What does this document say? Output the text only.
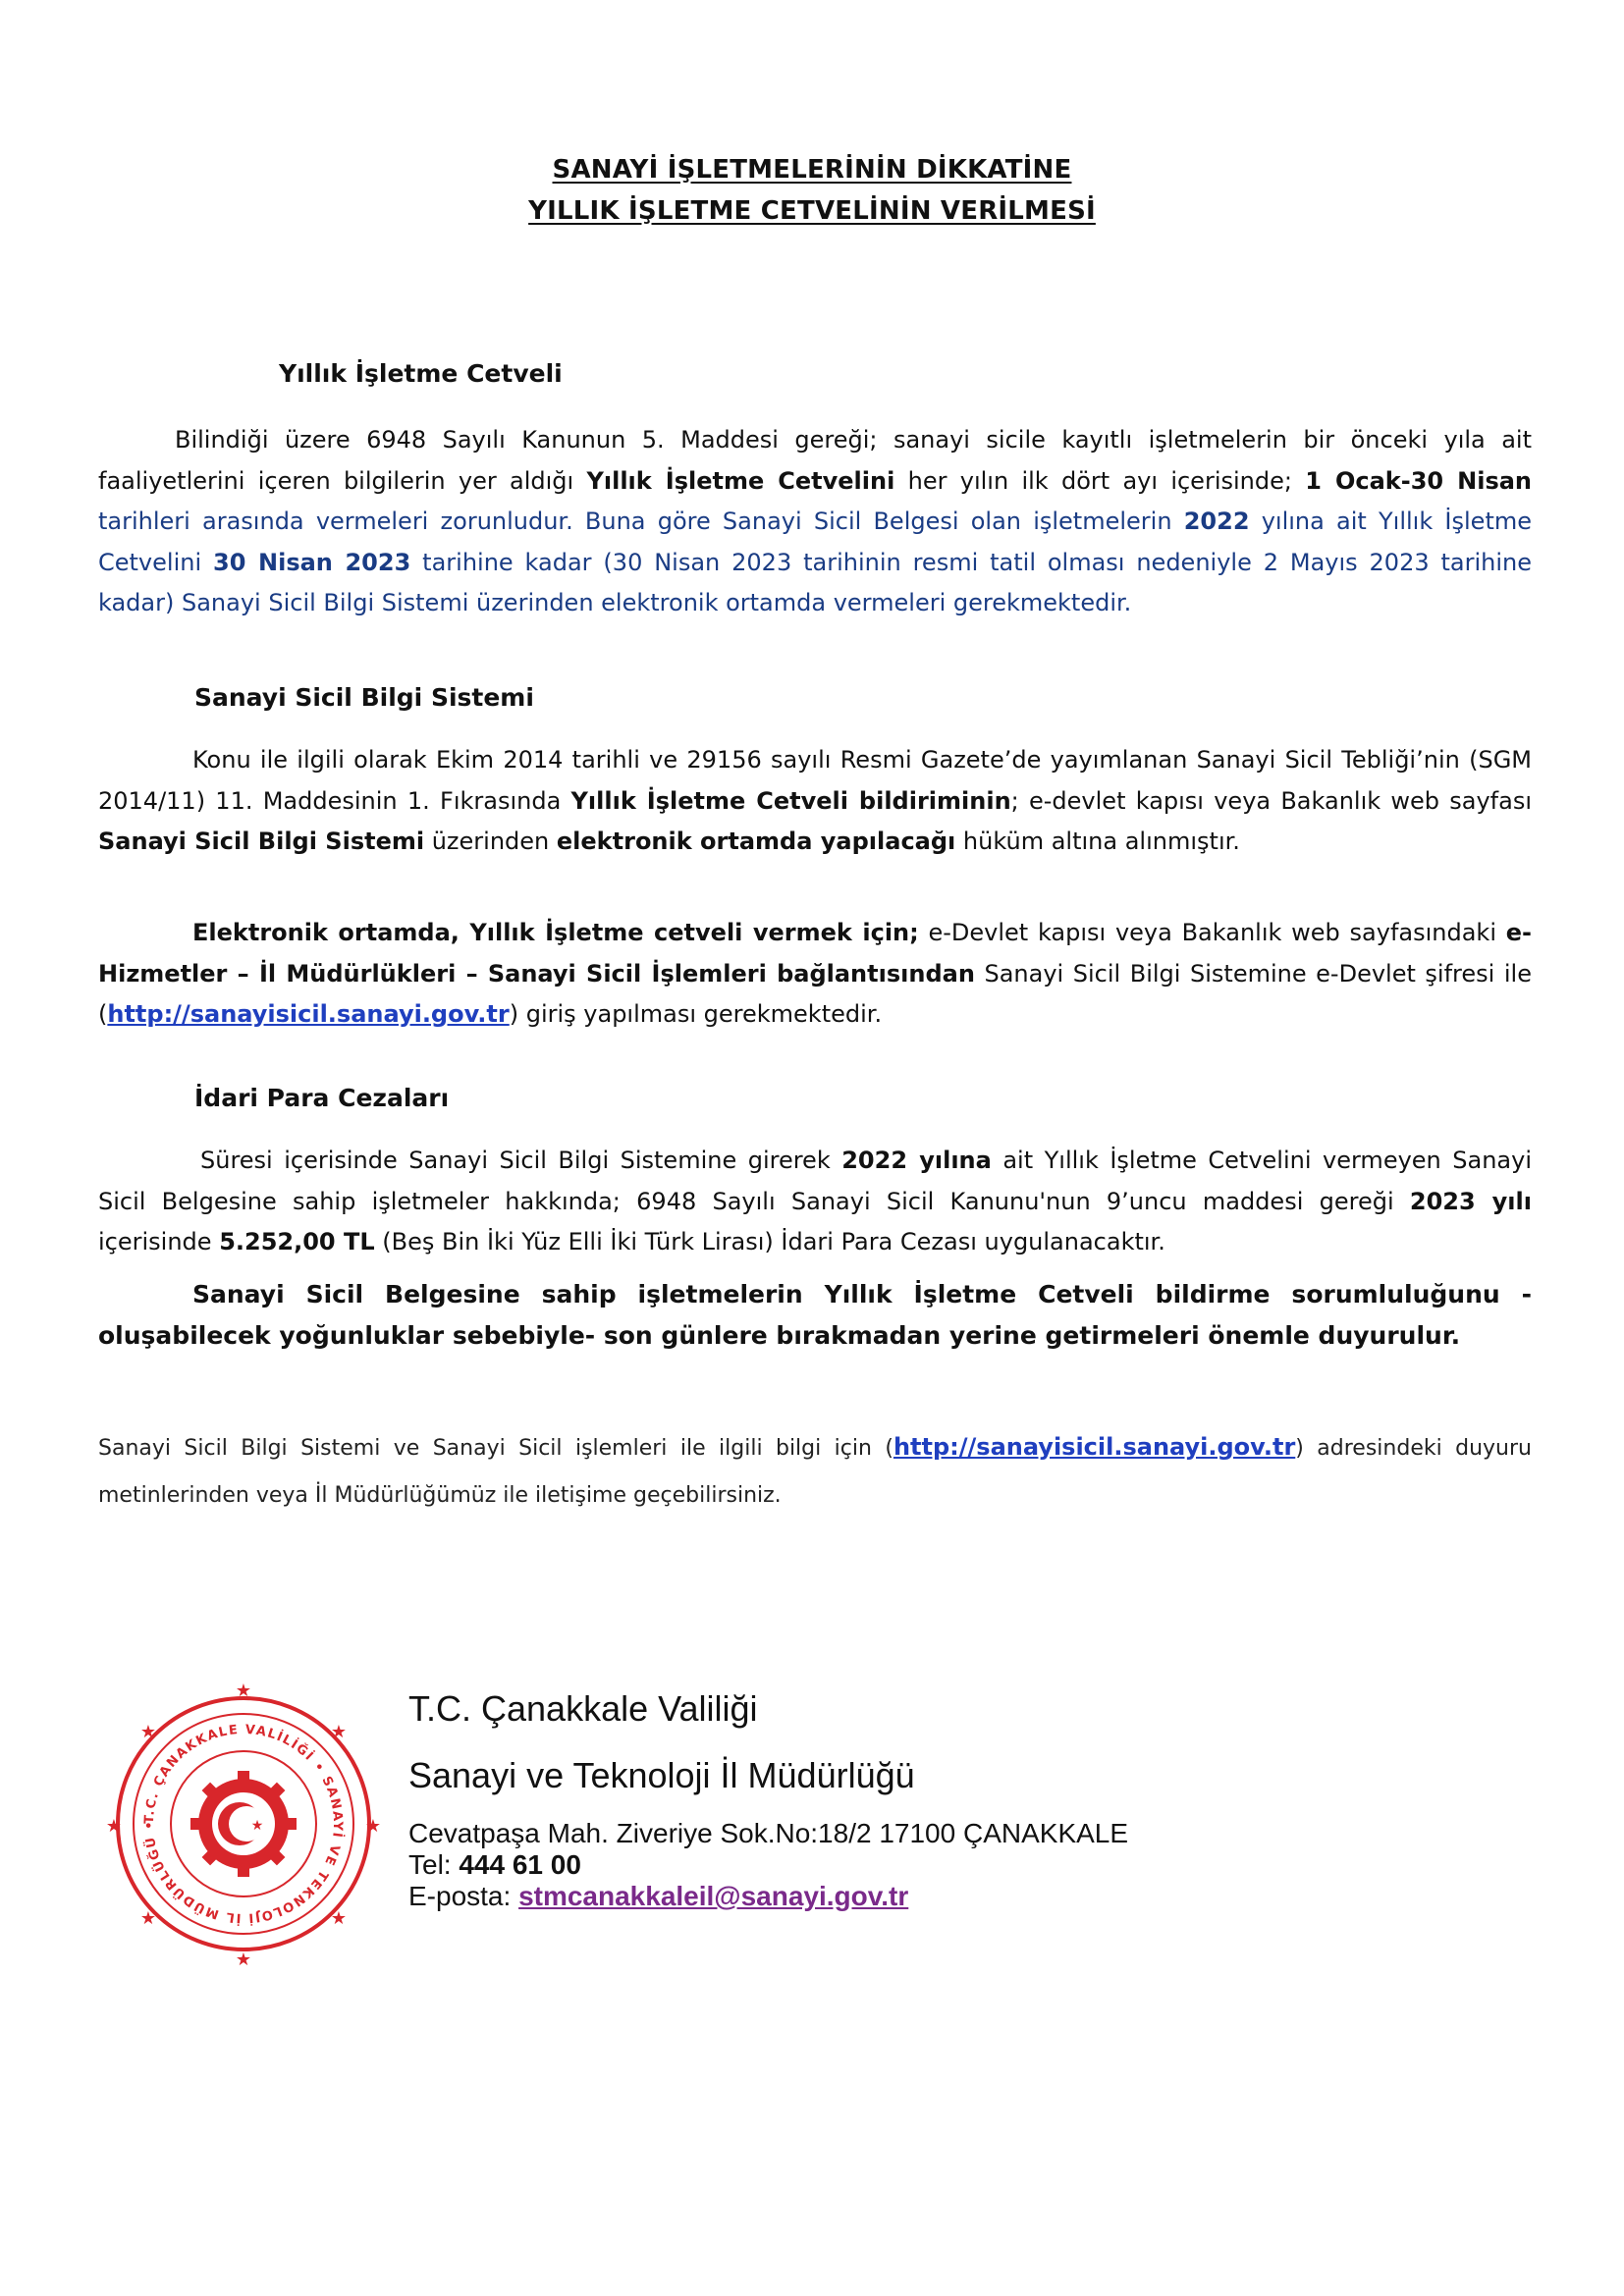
SANAYİ İŞLETMELERİNİN DİKKATİNE
YILLIK İŞLETME CETVELİNİN VERİLMESİ
Yıllık İşletme Cetveli
Bilindiği üzere 6948 Sayılı Kanunun 5. Maddesi gereği; sanayi sicile kayıtlı işletmelerin bir önceki yıla ait faaliyetlerini içeren bilgilerin yer aldığı Yıllık İşletme Cetvelini her yılın ilk dört ayı içerisinde; 1 Ocak-30 Nisan tarihleri arasında vermeleri zorunludur. Buna göre Sanayi Sicil Belgesi olan işletmelerin 2022 yılına ait Yıllık İşletme Cetvelini 30 Nisan 2023 tarihine kadar (30 Nisan 2023 tarihinin resmi tatil olması nedeniyle 2 Mayıs 2023 tarihine kadar) Sanayi Sicil Bilgi Sistemi üzerinden elektronik ortamda vermeleri gerekmektedir.
Sanayi Sicil Bilgi Sistemi
Konu ile ilgili olarak Ekim 2014 tarihli ve 29156 sayılı Resmi Gazete’de yayımlanan Sanayi Sicil Tebliği’nin (SGM 2014/11) 11. Maddesinin 1. Fıkrasında Yıllık İşletme Cetveli bildiriminin; e-devlet kapısı veya Bakanlık web sayfası Sanayi Sicil Bilgi Sistemi üzerinden elektronik ortamda yapılacağı hüküm altına alınmıştır.
Elektronik ortamda, Yıllık İşletme cetveli vermek için; e-Devlet kapısı veya Bakanlık web sayfasındaki e-Hizmetler – İl Müdürlükleri – Sanayi Sicil İşlemleri bağlantısından Sanayi Sicil Bilgi Sistemine e-Devlet şifresi ile (http://sanayisicil.sanayi.gov.tr) giriş yapılması gerekmektedir.
İdari Para Cezaları
Süresi içerisinde Sanayi Sicil Bilgi Sistemine girerek 2022 yılına ait Yıllık İşletme Cetvelini vermeyen Sanayi Sicil Belgesine sahip işletmeler hakkında; 6948 Sayılı Sanayi Sicil Kanunu'nun 9’uncu maddesi gereği 2023 yılı içerisinde 5.252,00 TL (Beş Bin İki Yüz Elli İki Türk Lirası) İdari Para Cezası uygulanacaktır.
Sanayi Sicil Belgesine sahip işletmelerin Yıllık İşletme Cetveli bildirme sorumluluğunu -oluşabilecek yoğunluklar sebebiyle- son günlere bırakmadan yerine getirmeleri önemle duyurulur.
Sanayi Sicil Bilgi Sistemi ve Sanayi Sicil işlemleri ile ilgili bilgi için (http://sanayisicil.sanayi.gov.tr) adresindeki duyuru metinlerinden veya İl Müdürlüğümüz ile iletişime geçebilirsiniz.
★
★
★
★
★
★
★
★
T.C. ÇANAKKALE VALİLİĞİ • SANAYİ VE TEKNOLOJİ İL MÜDÜRLÜĞÜ •	★
T.C. Çanakkale Valiliği
Sanayi ve Teknoloji İl Müdürlüğü
Cevatpaşa Mah. Ziveriye Sok.No:18/2 17100 ÇANAKKALE
Tel: 444 61 00
E-posta: stmcanakkaleil@sanayi.gov.tr
